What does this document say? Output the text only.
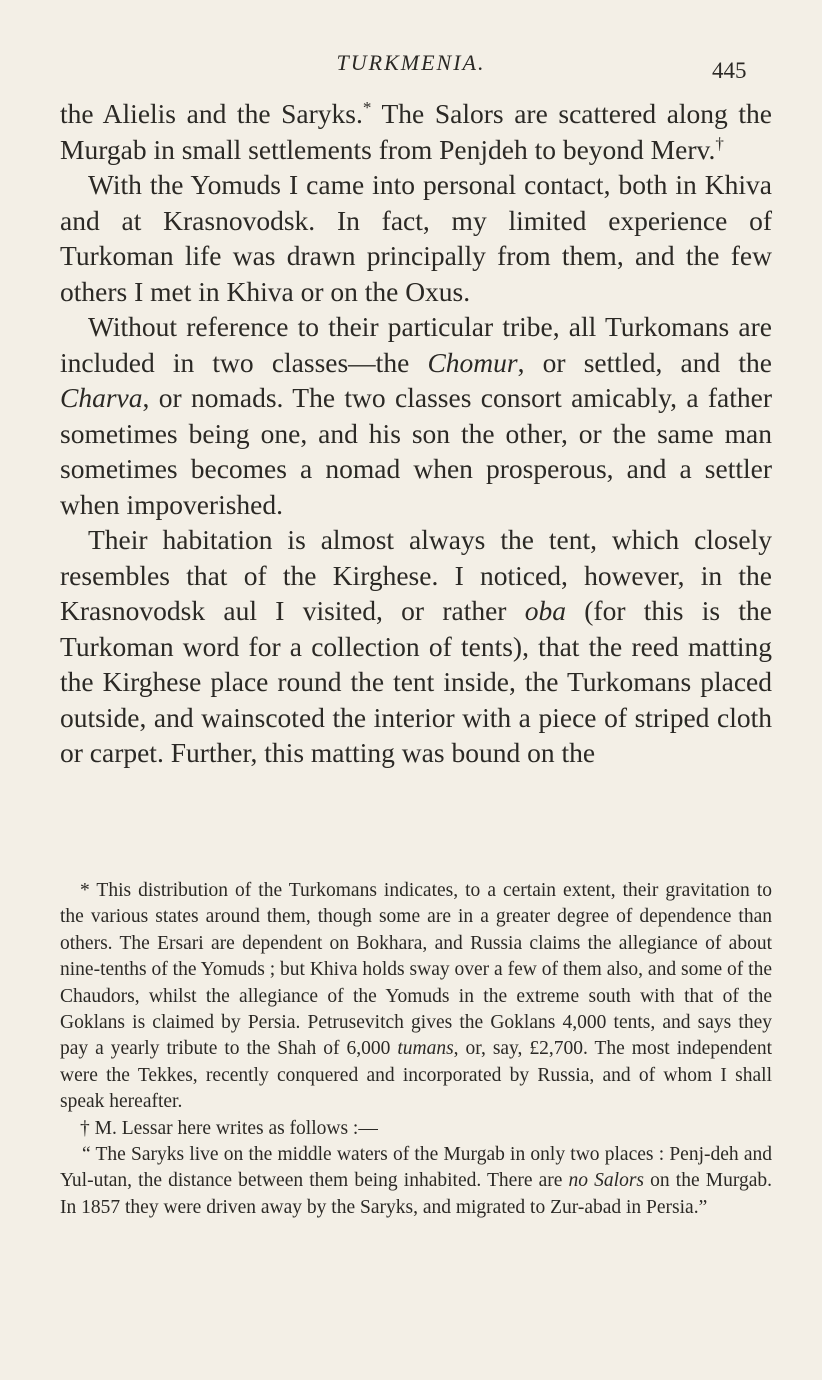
TURKMENIA.	445

the Alielis and the Saryks.* The Salors are scattered along the Murgab in small settlements from Penjdeh to beyond Merv.†

With the Yomuds I came into personal contact, both in Khiva and at Krasnovodsk. In fact, my limited experience of Turkoman life was drawn principally from them, and the few others I met in Khiva or on the Oxus.

Without reference to their particular tribe, all Turkomans are included in two classes—the Chomur, or settled, and the Charva, or nomads. The two classes consort amicably, a father sometimes being one, and his son the other, or the same man sometimes becomes a nomad when prosperous, and a settler when impoverished.

Their habitation is almost always the tent, which closely resembles that of the Kirghese. I noticed, however, in the Krasnovodsk aul I visited, or rather oba (for this is the Turkoman word for a collection of tents), that the reed matting the Kirghese place round the tent inside, the Turkomans placed outside, and wainscoted the interior with a piece of striped cloth or carpet. Further, this matting was bound on the

* This distribution of the Turkomans indicates, to a certain extent, their gravitation to the various states around them, though some are in a greater degree of dependence than others. The Ersari are dependent on Bokhara, and Russia claims the allegiance of about nine-tenths of the Yomuds ; but Khiva holds sway over a few of them also, and some of the Chaudors, whilst the allegiance of the Yomuds in the extreme south with that of the Goklans is claimed by Persia. Petrusevitch gives the Goklans 4,000 tents, and says they pay a yearly tribute to the Shah of 6,000 tumans, or, say, £2,700. The most independent were the Tekkes, recently conquered and incorporated by Russia, and of whom I shall speak hereafter.

† M. Lessar here writes as follows :—

“ The Saryks live on the middle waters of the Murgab in only two places : Penj-deh and Yul-utan, the distance between them being inhabited. There are no Salors on the Murgab. In 1857 they were driven away by the Saryks, and migrated to Zur-abad in Persia.”
